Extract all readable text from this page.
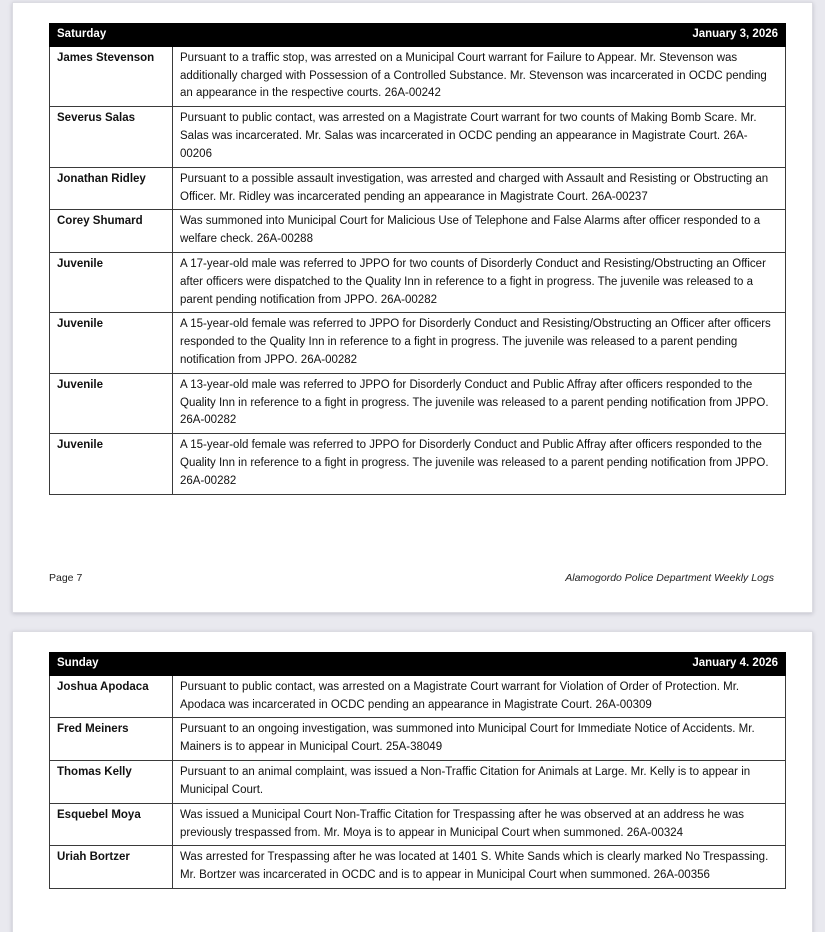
Saturday	January 3, 2026
James Stevenson	Pursuant to a traffic stop, was arrested on a Municipal Court warrant for Failure to Appear. Mr. Stevenson was additionally charged with Possession of a Controlled Substance. Mr. Stevenson was incarcerated in OCDC pending an appearance in the respective courts. 26A-00242
Severus Salas	Pursuant to public contact, was arrested on a Magistrate Court warrant for two counts of Making Bomb Scare. Mr. Salas was incarcerated. Mr. Salas was incarcerated in OCDC pending an appearance in Magistrate Court. 26A-00206
Jonathan Ridley	Pursuant to a possible assault investigation, was arrested and charged with Assault and Resisting or Obstructing an Officer. Mr. Ridley was incarcerated pending an appearance in Magistrate Court. 26A-00237
Corey Shumard	Was summoned into Municipal Court for Malicious Use of Telephone and False Alarms after officer responded to a welfare check. 26A-00288
Juvenile	A 17-year-old male was referred to JPPO for two counts of Disorderly Conduct and Resisting/Obstructing an Officer after officers were dispatched to the Quality Inn in reference to a fight in progress. The juvenile was released to a parent pending notification from JPPO. 26A-00282
Juvenile	A 15-year-old female was referred to JPPO for Disorderly Conduct and Resisting/Obstructing an Officer after officers responded to the Quality Inn in reference to a fight in progress. The juvenile was released to a parent pending notification from JPPO. 26A-00282
Juvenile	A 13-year-old male was referred to JPPO for Disorderly Conduct and Public Affray after officers responded to the Quality Inn in reference to a fight in progress. The juvenile was released to a parent pending notification from JPPO. 26A-00282
Juvenile	A 15-year-old female was referred to JPPO for Disorderly Conduct and Public Affray after officers responded to the Quality Inn in reference to a fight in progress. The juvenile was released to a parent pending notification from JPPO. 26A-00282
Page 7	Alamogordo Police Department Weekly Logs
Sunday	January 4. 2026
Joshua Apodaca	Pursuant to public contact, was arrested on a Magistrate Court warrant for Violation of Order of Protection. Mr. Apodaca was incarcerated in OCDC pending an appearance in Magistrate Court. 26A-00309
Fred Meiners	Pursuant to an ongoing investigation, was summoned into Municipal Court for Immediate Notice of Accidents. Mr. Mainers is to appear in Municipal Court. 25A-38049
Thomas Kelly	Pursuant to an animal complaint, was issued a Non-Traffic Citation for Animals at Large. Mr. Kelly is to appear in Municipal Court.
Esquebel Moya	Was issued a Municipal Court Non-Traffic Citation for Trespassing after he was observed at an address he was previously trespassed from. Mr. Moya is to appear in Municipal Court when summoned. 26A-00324
Uriah Bortzer	Was arrested for Trespassing after he was located at 1401 S. White Sands which is clearly marked No Trespassing. Mr. Bortzer was incarcerated in OCDC and is to appear in Municipal Court when summoned. 26A-00356
